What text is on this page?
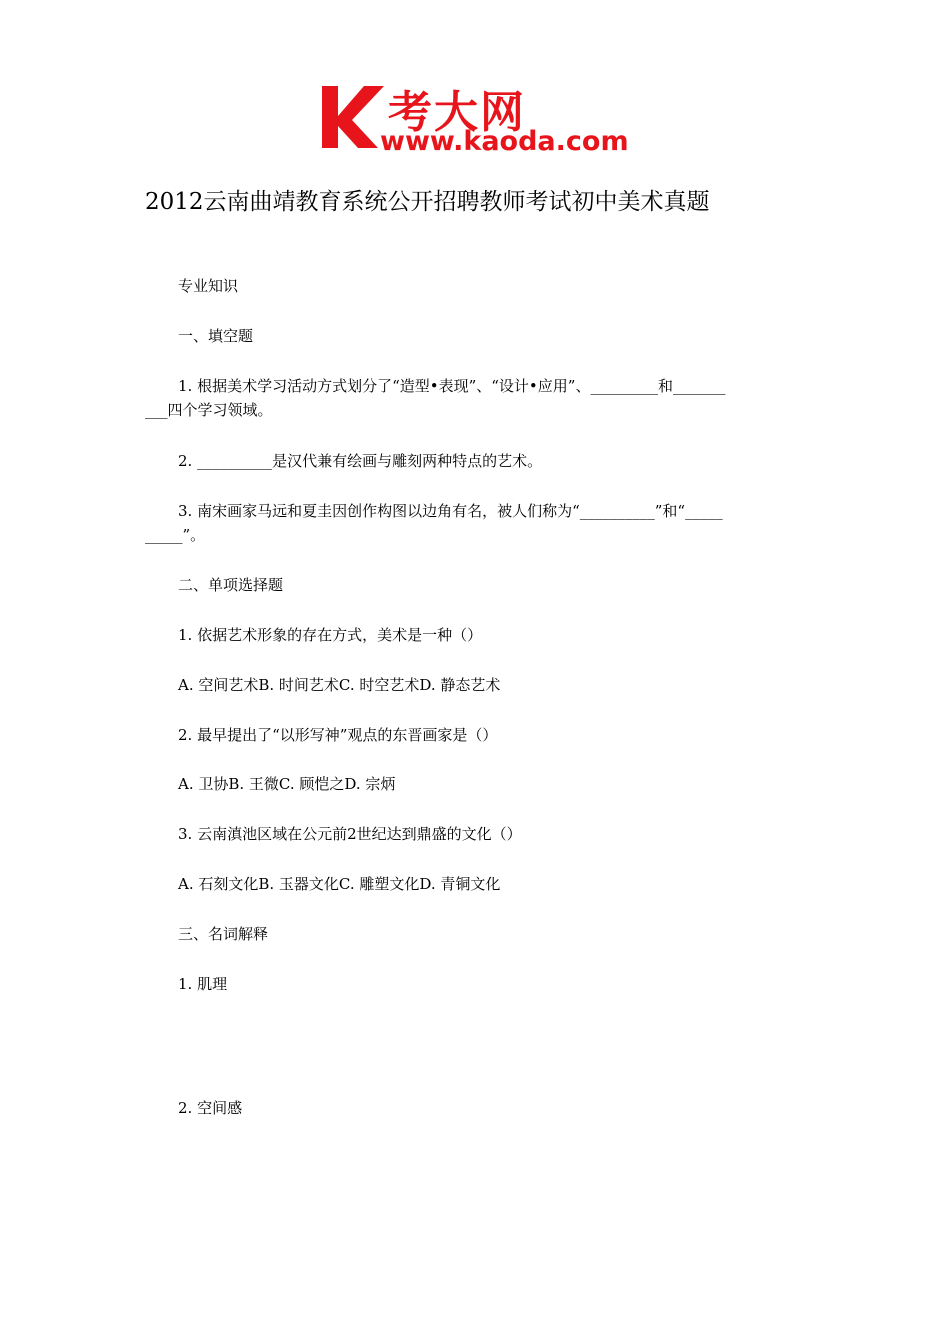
考大网
www.kaoda.com
2012云南曲靖教育系统公开招聘教师考试初中美术真题
专业知识
一、填空题
1. 根据美术学习活动方式划分了“造型•表现”、“设计•应用”、_________和_______
___四个学习领域。
2. __________是汉代兼有绘画与雕刻两种特点的艺术。
3. 南宋画家马远和夏圭因创作构图以边角有名，被人们称为“__________”和“_____
_____”。
二、单项选择题
1. 依据艺术形象的存在方式，美术是一种（）
A. 空间艺术B. 时间艺术C. 时空艺术D. 静态艺术
2. 最早提出了“以形写神”观点的东晋画家是（）
A. 卫协B. 王微C. 顾恺之D. 宗炳
3. 云南滇池区域在公元前2世纪达到鼎盛的文化（）
A. 石刻文化B. 玉器文化C. 雕塑文化D. 青铜文化
三、名词解释
1. 肌理
2. 空间感
